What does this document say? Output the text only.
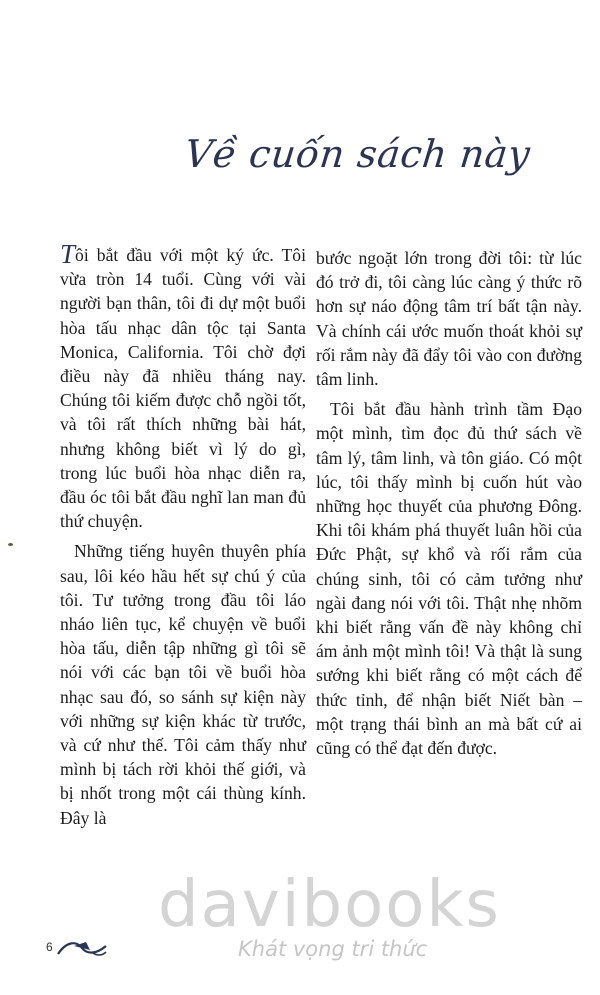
Về cuốn sách này

Tôi bắt đầu với một ký ức. Tôi vừa tròn 14 tuổi. Cùng với vài người bạn thân, tôi đi dự một buổi hòa tấu nhạc dân tộc tại Santa Monica, California. Tôi chờ đợi điều này đã nhiều tháng nay. Chúng tôi kiếm được chỗ ngồi tốt, và tôi rất thích những bài hát, nhưng không biết vì lý do gì, trong lúc buổi hòa nhạc diễn ra, đầu óc tôi bắt đầu nghĩ lan man đủ thứ chuyện.

Những tiếng huyên thuyên phía sau, lôi kéo hầu hết sự chú ý của tôi. Tư tưởng trong đầu tôi láo nháo liên tục, kể chuyện về buổi hòa tấu, diễn tập những gì tôi sẽ nói với các bạn tôi về buổi hòa nhạc sau đó, so sánh sự kiện này với những sự kiện khác từ trước, và cứ như thế. Tôi cảm thấy như mình bị tách rời khỏi thế giới, và bị nhốt trong một cái thùng kính. Đây là

bước ngoặt lớn trong đời tôi: từ lúc đó trở đi, tôi càng lúc càng ý thức rõ hơn sự náo động tâm trí bất tận này. Và chính cái ước muốn thoát khỏi sự rối rắm này đã đẩy tôi vào con đường tâm linh.

Tôi bắt đầu hành trình tầm Đạo một mình, tìm đọc đủ thứ sách về tâm lý, tâm linh, và tôn giáo. Có một lúc, tôi thấy mình bị cuốn hút vào những học thuyết của phương Đông. Khi tôi khám phá thuyết luân hồi của Đức Phật, sự khổ và rối rắm của chúng sinh, tôi có cảm tưởng như ngài đang nói với tôi. Thật nhẹ nhõm khi biết rằng vấn đề này không chỉ ám ảnh một mình tôi! Và thật là sung sướng khi biết rằng có một cách để thức tỉnh, để nhận biết Niết bàn – một trạng thái bình an mà bất cứ ai cũng có thể đạt đến được.

davibooks
Khát vọng tri thức
6
